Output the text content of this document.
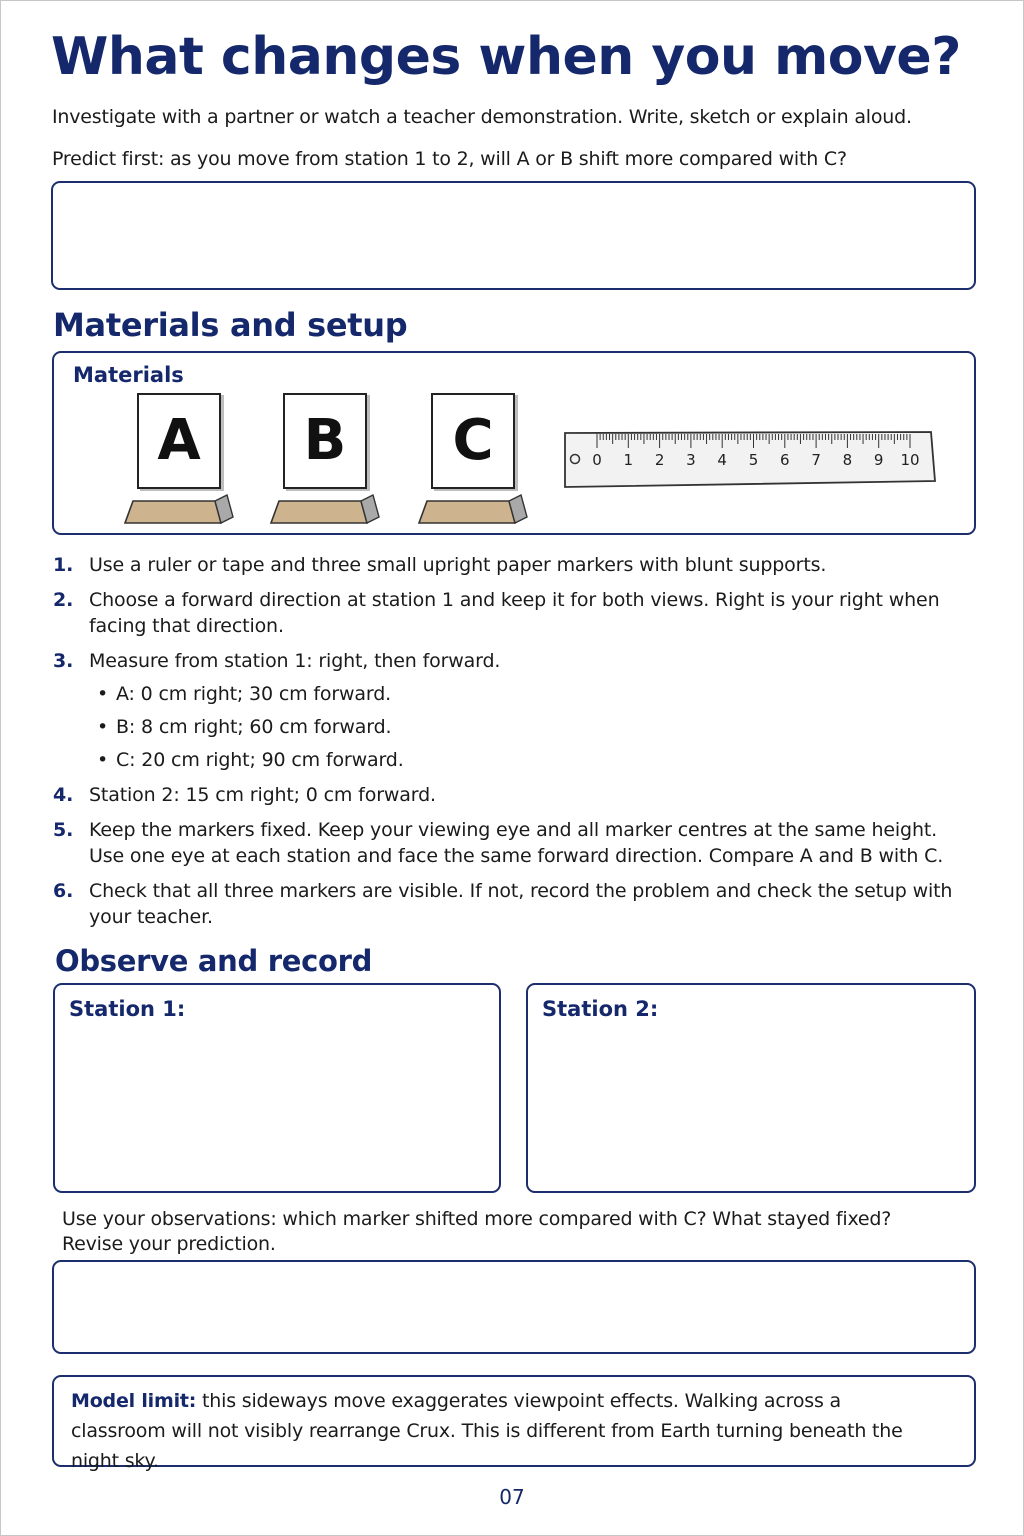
What changes when you move?
Investigate with a partner or watch a teacher demonstration. Write, sketch or explain aloud.
Predict first: as you move from station 1 to 2, will A or B shift more compared with C?
Materials and setup
Materials
A	B	C	0 1 2 3 4 5 6 7 8 9 10
1. Use a ruler or tape and three small upright paper markers with blunt supports.
2. Choose a forward direction at station 1 and keep it for both views. Right is your right when facing that direction.
3. Measure from station 1: right, then forward.
• A: 0 cm right; 30 cm forward.
• B: 8 cm right; 60 cm forward.
• C: 20 cm right; 90 cm forward.
4. Station 2: 15 cm right; 0 cm forward.
5. Keep the markers fixed. Keep your viewing eye and all marker centres at the same height. Use one eye at each station and face the same forward direction. Compare A and B with C.
6. Check that all three markers are visible. If not, record the problem and check the setup with your teacher.
Observe and record
Station 1:	Station 2:
Use your observations: which marker shifted more compared with C? What stayed fixed? Revise your prediction.
Model limit: this sideways move exaggerates viewpoint effects. Walking across a classroom will not visibly rearrange Crux. This is different from Earth turning beneath the night sky.
07
